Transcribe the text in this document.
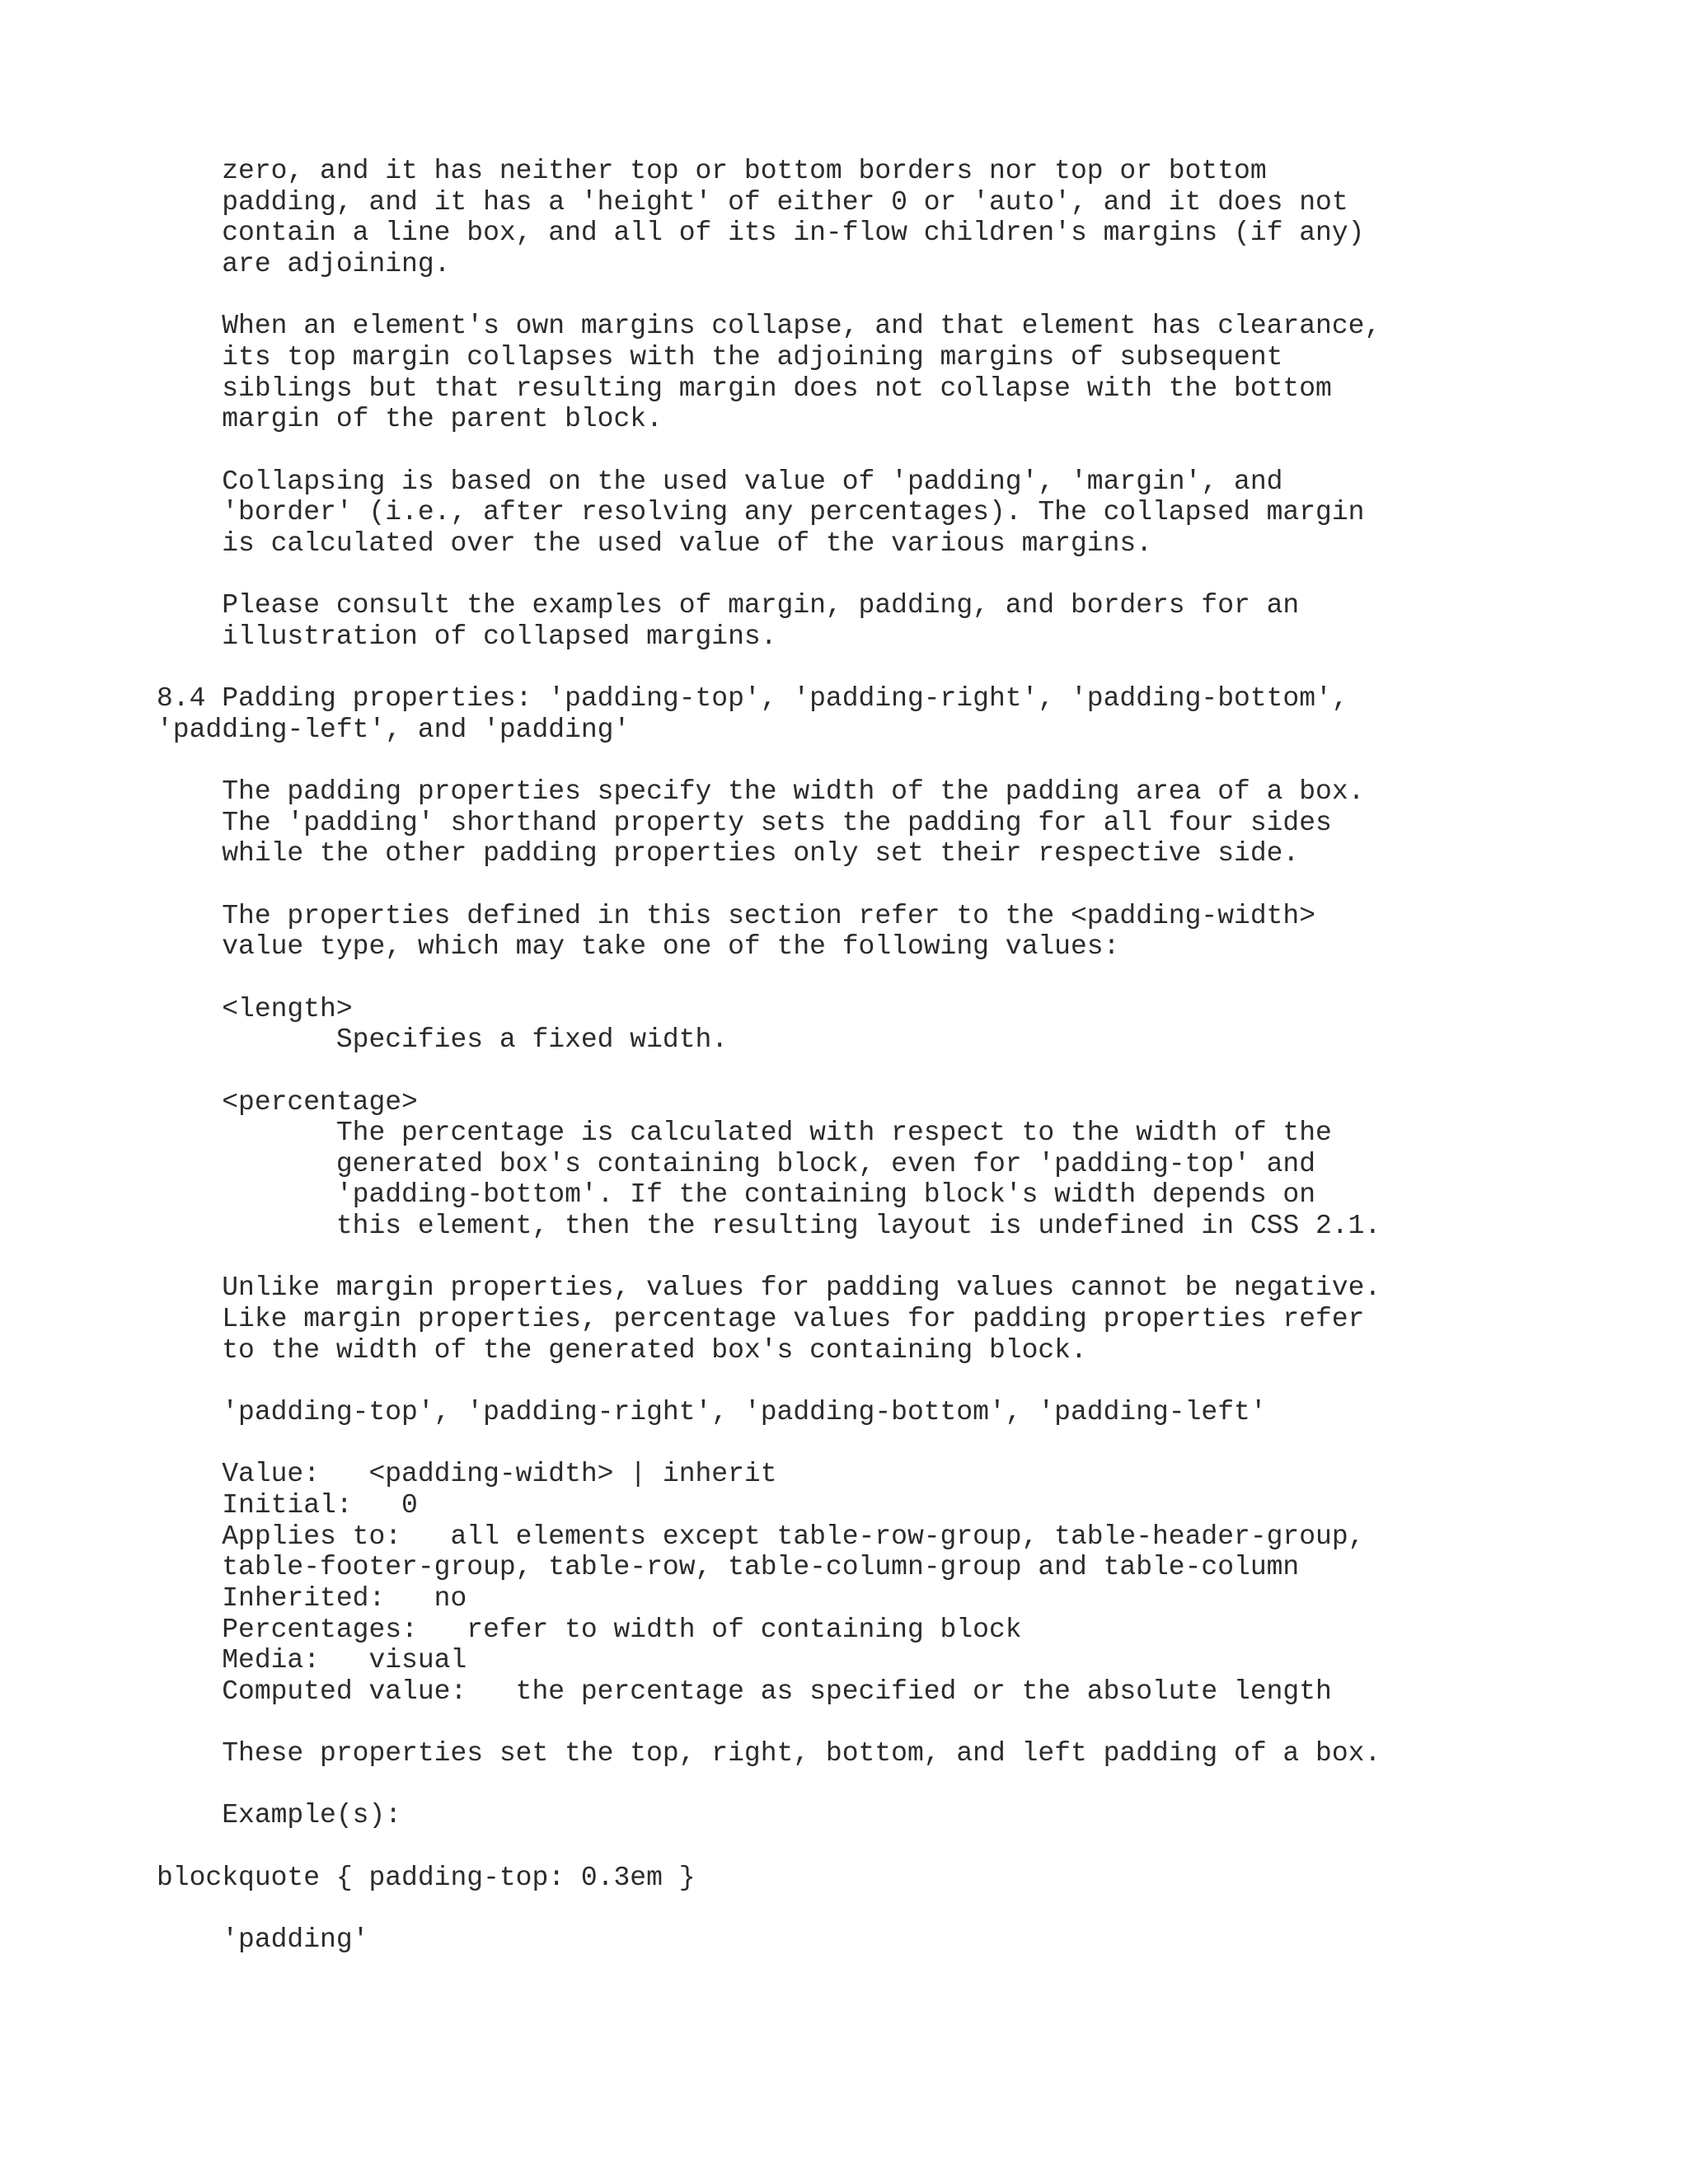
zero, and it has neither top or bottom borders nor top or bottom
padding, and it has a 'height' of either 0 or 'auto', and it does not
contain a line box, and all of its in-flow children's margins (if any)
are adjoining.
When an element's own margins collapse, and that element has clearance,
its top margin collapses with the adjoining margins of subsequent
siblings but that resulting margin does not collapse with the bottom
margin of the parent block.
Collapsing is based on the used value of 'padding', 'margin', and
'border' (i.e., after resolving any percentages). The collapsed margin
is calculated over the used value of the various margins.
Please consult the examples of margin, padding, and borders for an
illustration of collapsed margins.
8.4 Padding properties: 'padding-top', 'padding-right', 'padding-bottom',
'padding-left', and 'padding'
The padding properties specify the width of the padding area of a box.
The 'padding' shorthand property sets the padding for all four sides
while the other padding properties only set their respective side.
The properties defined in this section refer to the <padding-width>
value type, which may take one of the following values:
<length>
Specifies a fixed width.
<percentage>
The percentage is calculated with respect to the width of the
generated box's containing block, even for 'padding-top' and
'padding-bottom'. If the containing block's width depends on
this element, then the resulting layout is undefined in CSS 2.1.
Unlike margin properties, values for padding values cannot be negative.
Like margin properties, percentage values for padding properties refer
to the width of the generated box's containing block.
'padding-top', 'padding-right', 'padding-bottom', 'padding-left'
Value:   <padding-width> | inherit
Initial:   0
Applies to:   all elements except table-row-group, table-header-group,
table-footer-group, table-row, table-column-group and table-column
Inherited:   no
Percentages:   refer to width of containing block
Media:   visual
Computed value:   the percentage as specified or the absolute length
These properties set the top, right, bottom, and left padding of a box.
Example(s):
blockquote { padding-top: 0.3em }
'padding'
